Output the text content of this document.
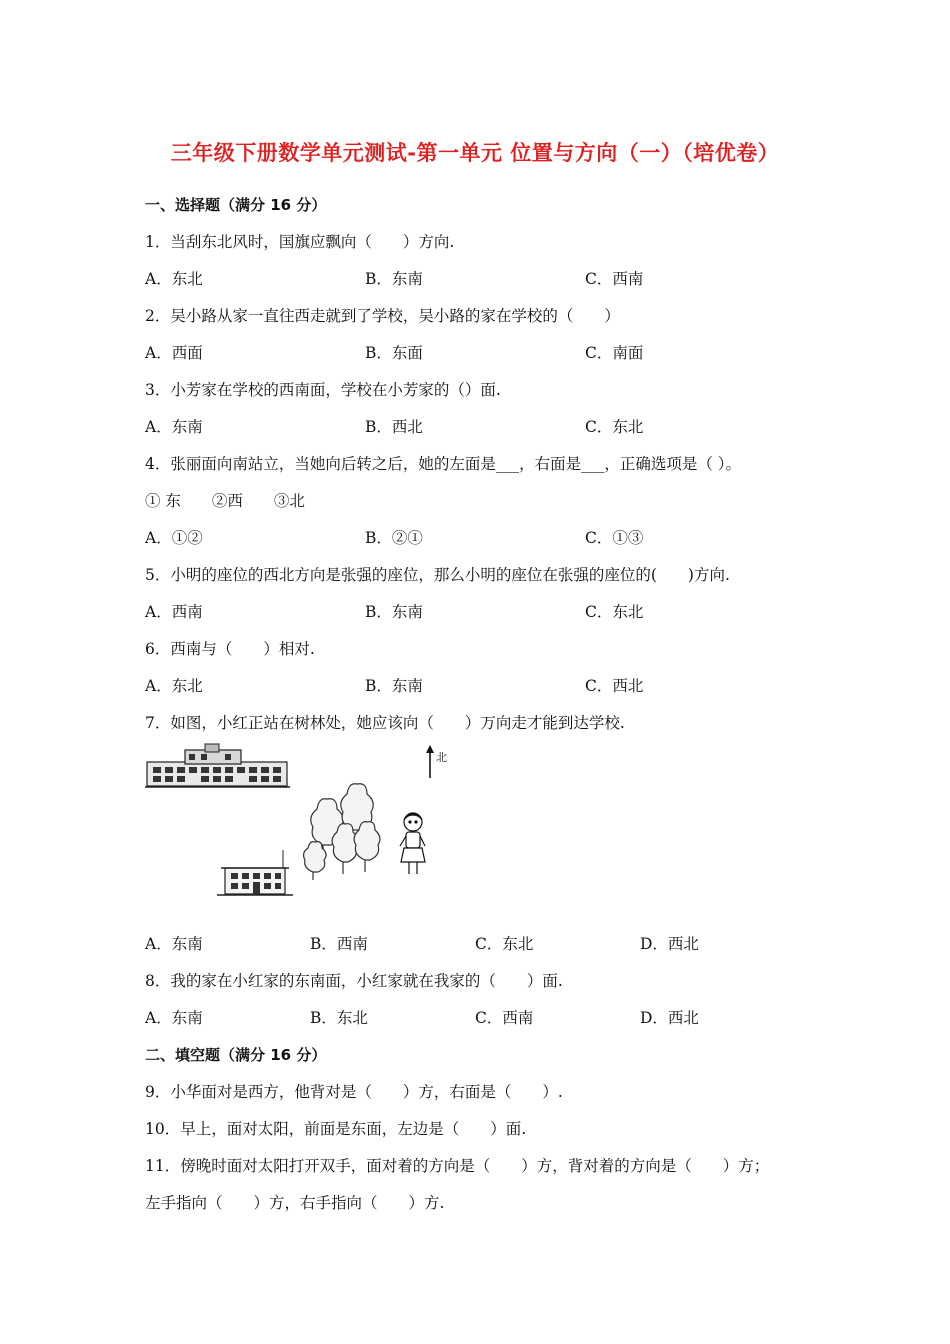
三年级下册数学单元测试-第一单元 位置与方向（一）（培优卷）
一、选择题（满分 16 分）
1．当刮东北风时，国旗应飘向（　　）方向.
A．东北	B．东南	C．西南
2．吴小路从家一直往西走就到了学校，吴小路的家在学校的（　　）
A．西面	B．东面	C．南面
3．小芳家在学校的西南面，学校在小芳家的（）面.
A．东南	B．西北	C．东北
4．张丽面向南站立，当她向后转之后，她的左面是___，右面是___，正确选项是（ ）。
① 东　　②西　　③北
A．①②	B．②①	C．①③
5．小明的座位的西北方向是张强的座位，那么小明的座位在张强的座位的(　　)方向.
A．西南	B．东南	C．东北
6．西南与（　　）相对.
A．东北	B．东南	C．西北
7．如图，小红正站在树林处，她应该向（　　）万向走才能到达学校.
北
A．东南	B．西南	C．东北	D．西北
8．我的家在小红家的东南面，小红家就在我家的（　　）面.
A．东南	B．东北	C．西南	D．西北
二、填空题（满分 16 分）
9．小华面对是西方，他背对是（　　）方，右面是（　　）.
10．早上，面对太阳，前面是东面，左边是（　　）面.
11．傍晚时面对太阳打开双手，面对着的方向是（　　）方，背对着的方向是（　　）方；
左手指向（　　）方，右手指向（　　）方.
